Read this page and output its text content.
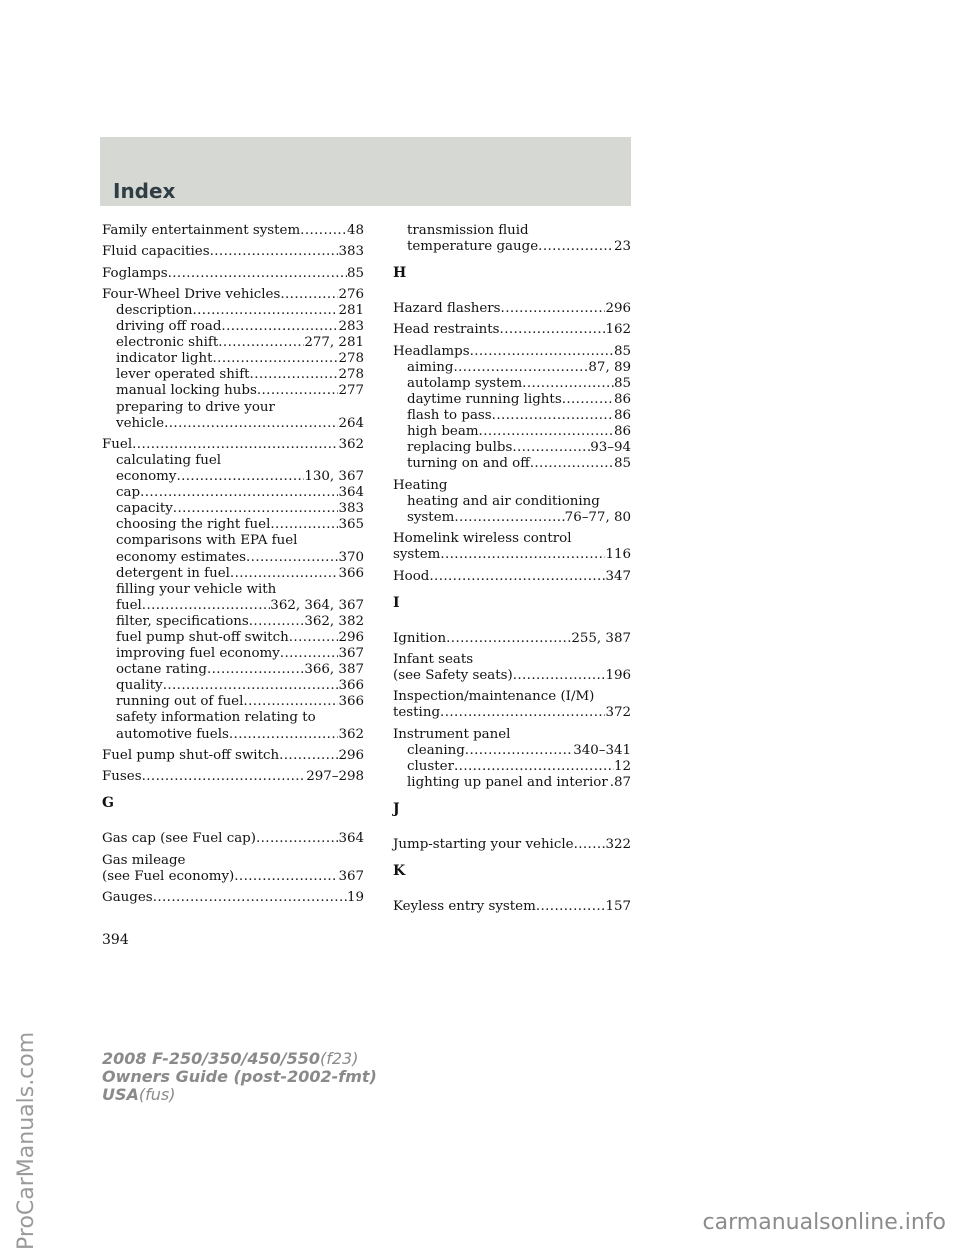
Index
Family entertainment system .....	48
Fluid capacities .....	383
Foglamps .....	85
Four-Wheel Drive vehicles .....	276
description .....	281
driving off road .....	283
electronic shift .....	277, 281
indicator light .....	278
lever operated shift .....	278
manual locking hubs .....	277
preparing to drive your
vehicle .....	264
Fuel .....	362
calculating fuel
economy .....	130, 367
cap .....	364
capacity .....	383
choosing the right fuel .....	365
comparisons with EPA fuel
economy estimates .....	370
detergent in fuel .....	366
filling your vehicle with
fuel .....	362, 364, 367
filter, specifications .....	362, 382
fuel pump shut-off switch .....	296
improving fuel economy .....	367
octane rating .....	366, 387
quality .....	366
running out of fuel .....	366
safety information relating to
automotive fuels .....	362
Fuel pump shut-off switch .....	296
Fuses .....	297–298
G
Gas cap (see Fuel cap) .....	364
Gas mileage
(see Fuel economy) .....	367
Gauges .....	19
transmission fluid
temperature gauge .....	23
H
Hazard flashers .....	296
Head restraints .....	162
Headlamps .....	85
aiming .....	87, 89
autolamp system .....	85
daytime running lights .....	86
flash to pass .....	86
high beam .....	86
replacing bulbs .....	93–94
turning on and off .....	85
Heating
heating and air conditioning
system .....	76–77, 80
Homelink wireless control
system .....	116
Hood .....	347
I
Ignition .....	255, 387
Infant seats
(see Safety seats) .....	196
Inspection/maintenance (I/M)
testing .....	372
Instrument panel
cleaning .....	340–341
cluster .....	12
lighting up panel and interior .87
J
Jump-starting your vehicle ..... 322
K
Keyless entry system .....	157
394
2008 F-250/350/450/550(f23)
Owners Guide (post-2002-fmt)
USA(fus)
ProCarManuals.com	carmanualsonline.info
